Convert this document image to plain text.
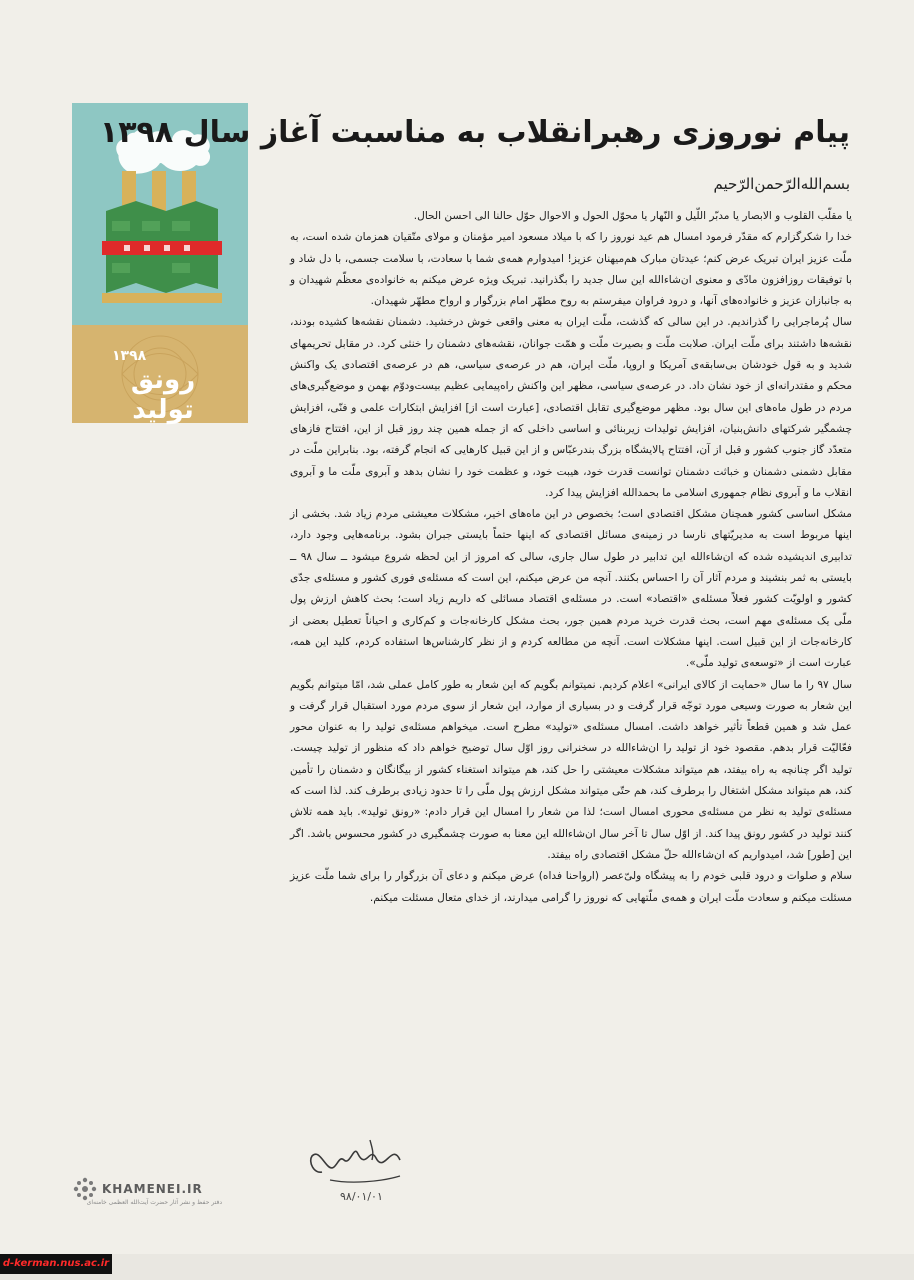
۱۳۹۸
رونق تولید
پیام نوروزی رهبرانقلاب به مناسبت آغاز سال ۱۳۹۸
بسم‌الله‌الرّحمن‌الرّحیم

یا مقلّب القلوب و الابصار یا مدبّر اللّیل و النّهار یا محوّل الحول و الاحوال حوّل حالنا الی احسن الحال.

خدا را شکرگزارم که مقدّر فرمود امسال هم عید نوروز را که با میلاد مسعود امیر مؤمنان و مولای متّقیان همزمان شده است، به ملّت عزیز ایران تبریک عرض کنم؛ عیدتان مبارک هم‌میهنان عزیز! امیدوارم همه‌ی شما با سعادت، با سلامت جسمی، با دل شاد و با توفیقات روزافزون مادّی و معنوی ان‌شاءالله این سال جدید را بگذرانید. تبریک ویژه عرض میکنم به خانواده‌ی معظّم شهیدان و به جانبازان عزیز و خانواده‌های آنها، و درود فراوان میفرستم به روح مطهّر امام بزرگوار و ارواح مطهّر شهیدان.

سال پُرماجرایی را گذراندیم. در این سالی که گذشت، ملّت ایران به معنی واقعی خوش درخشید. دشمنان نقشه‌ها کشیده بودند، نقشه‌ها داشتند برای ملّت ایران. صلابت ملّت و بصیرت ملّت و همّت جوانان، نقشه‌های دشمنان را خنثی کرد. در مقابل تحریمهای شدید و به قول خودشان بی‌سابقه‌ی آمریکا و اروپا، ملّت ایران، هم در عرصه‌ی سیاسی، هم در عرصه‌ی اقتصادی یک واکنش محکم و مقتدرانه‌ای از خود نشان داد. در عرصه‌ی سیاسی، مظهر این واکنش راه‌پیمایی عظیم بیست‌ودوّم بهمن و موضع‌گیری‌های مردم در طول ماه‌های این سال بود. مظهر موضع‌گیری تقابل اقتصادی، [عبارت است از] افزایش ابتکارات علمی و فنّی، افزایش چشمگیر شرکتهای دانش‌بنیان، افزایش تولیدات زیربنائی و اساسی داخلی که از جمله همین چند روز قبل از این، افتتاح فازهای متعدّد گاز جنوب کشور و قبل از آن، افتتاح پالایشگاه بزرگ بندرعبّاس و از این قبیل کارهایی که انجام گرفته، بود. بنابراین ملّت در مقابل دشمنی دشمنان و خباثت دشمنان توانست قدرت خود، هیبت خود، و عظمت خود را نشان بدهد و آبروی ملّت ما و آبروی انقلاب ما و آبروی نظام جمهوری اسلامی ما بحمدالله افزایش پیدا کرد.

مشکل اساسی کشور همچنان مشکل اقتصادی است؛ بخصوص در این ماه‌های اخیر، مشکلات معیشتی مردم زیاد شد. بخشی از اینها مربوط است به مدیریّتهای نارسا در زمینه‌ی مسائل اقتصادی که اینها حتماً بایستی جبران بشود. برنامه‌هایی وجود دارد، تدابیری اندیشیده شده که ان‌شاءالله این تدابیر در طول سال جاری، سالی که امروز از این لحظه شروع میشود ــ سال ۹۸ ــ بایستی به ثمر بنشیند و مردم آثار آن را احساس بکنند. آنچه من عرض میکنم، این است که مسئله‌ی فوری کشور و مسئله‌ی جدّی کشور و اولویّت کشور فعلاً مسئله‌ی «اقتصاد» است. در مسئله‌ی اقتصاد مسائلی که داریم زیاد است؛ بحث کاهش ارزش پول ملّی یک مسئله‌ی مهم است، بحث قدرت خرید مردم همین جور، بحث مشکل کارخانه‌جات و کم‌کاری و احیاناً تعطیل بعضی از کارخانه‌جات از این قبیل است. اینها مشکلات است. آنچه من مطالعه کردم و از نظر کارشناس‌ها استفاده کردم، کلید این همه، عبارت است از «توسعه‌ی تولید ملّی».

سال ۹۷ را ما سال «حمایت از کالای ایرانی» اعلام کردیم. نمیتوانم بگویم که این شعار به طور کامل عملی شد، امّا میتوانم بگویم این شعار به صورت وسیعی مورد توجّه قرار گرفت و در بسیاری از موارد، این شعار از سوی مردم مورد استقبال قرار گرفت و عمل شد و همین قطعاً تأثیر خواهد داشت. امسال مسئله‌ی «تولید» مطرح است. میخواهم مسئله‌ی تولید را به عنوان محور فعّالیّت قرار بدهم. مقصود خود از تولید را ان‌شاءالله در سخنرانی روز اوّل سال توضیح خواهم داد که منظور از تولید چیست. تولید اگر چنانچه به راه بیفتد، هم میتواند مشکلات معیشتی را حل کند، هم میتواند استغناء کشور از بیگانگان و دشمنان را تأمین کند، هم میتواند مشکل اشتغال را برطرف کند، هم حتّی میتواند مشکل ارزش پول ملّی را تا حدود زیادی برطرف کند. لذا است که مسئله‌ی تولید به نظر من مسئله‌ی محوری امسال است؛ لذا من شعار را امسال این قرار دادم: «رونق تولید». باید همه تلاش کنند تولید در کشور رونق پیدا کند. از اوّل سال تا آخر سال ان‌شاءالله این معنا به صورت چشمگیری در کشور محسوس باشد. اگر این [طور] شد، امیدواریم که ان‌شاءالله حلّ مشکل اقتصادی راه بیفتد.

سلام و صلوات و درود قلبی خودم را به پیشگاه ولیّ‌عصر (ارواحنا فداه) عرض میکنم و دعای آن بزرگوار را برای شما ملّت عزیز مسئلت میکنم و سعادت ملّت ایران و همه‌ی ملّتهایی که نوروز را گرامی میدارند، از خدای متعال مسئلت میکنم.

۹۸/۰۱/۰۱
KHAMENEI.IR
دفتر حفظ و نشر آثار حضرت آیت‌الله العظمی خامنه‌ای
d-kerman.nus.ac.ir
